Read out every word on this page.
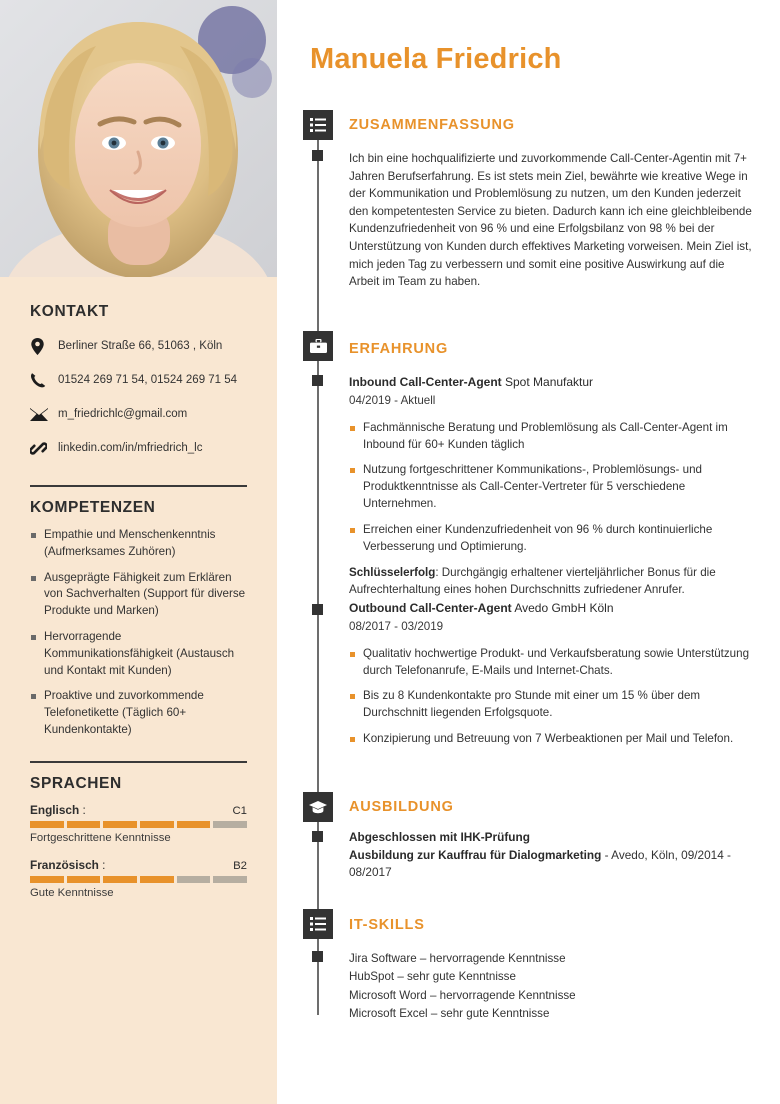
KONTAKT
Berliner Straße 66, 51063 , Köln
01524 269 71 54, 01524 269 71 54
m_friedrichlc@gmail.com
linkedin.com/in/mfriedrich_lc
KOMPETENZEN
Empathie und Menschenkenntnis (Aufmerksames Zuhören)
Ausgeprägte Fähigkeit zum Erklären von Sachverhalten (Support für diverse Produkte und Marken)
Hervorragende Kommunikationsfähigkeit (Austausch und Kontakt mit Kunden)
Proaktive und zuvorkommende Telefonetikette (Täglich 60+ Kundenkontakte)
SPRACHEN
Englisch :	C1
Fortgeschrittene Kenntnisse
Französisch :	B2
Gute Kenntnisse
Manuela Friedrich
ZUSAMMENFASSUNG

Ich bin eine hochqualifizierte und zuvorkommende Call-Center-Agentin mit 7+ Jahren Berufserfahrung. Es ist stets mein Ziel, bewährte wie kreative Wege in der Kommunikation und Problemlösung zu nutzen, um den Kunden jederzeit den kompetentesten Service zu bieten. Dadurch kann ich eine gleichbleibende Kundenzufriedenheit von 96 % und eine Erfolgsbilanz von 98 % bei der Unterstützung von Kunden durch effektives Marketing vorweisen. Mein Ziel ist, mich jeden Tag zu verbessern und somit eine positive Auswirkung auf die Arbeit im Team zu haben.

ERFAHRUNG
Inbound Call-Center-Agent Spot Manufaktur
04/2019 - Aktuell
Fachmännische Beratung und Problemlösung als Call-Center-Agent im Inbound für 60+ Kunden täglich
Nutzung fortgeschrittener Kommunikations-, Problemlösungs- und Produktkenntnisse als Call-Center-Vertreter für 5 verschiedene Unternehmen.
Erreichen einer Kundenzufriedenheit von 96 % durch kontinuierliche Verbesserung und Optimierung.

Schlüsselerfolg: Durchgängig erhaltener vierteljährlicher Bonus für die Aufrechterhaltung eines hohen Durchschnitts zufriedener Anrufer.

Outbound Call-Center-Agent Avedo GmbH Köln
08/2017 - 03/2019
Qualitativ hochwertige Produkt- und Verkaufsberatung sowie Unterstützung durch Telefonanrufe, E-Mails und Internet-Chats.
Bis zu 8 Kundenkontakte pro Stunde mit einer um 15 % über dem Durchschnitt liegenden Erfolgsquote.
Konzipierung und Betreuung von 7 Werbeaktionen per Mail und Telefon.
AUSBILDUNG
Abgeschlossen mit IHK-Prüfung
Ausbildung zur Kauffrau für Dialogmarketing - Avedo, Köln, 09/2014 - 08/2017
IT-SKILLS
Jira Software – hervorragende Kenntnisse
HubSpot – sehr gute Kenntnisse
Microsoft Word – hervorragende Kenntnisse
Microsoft Excel – sehr gute Kenntnisse
